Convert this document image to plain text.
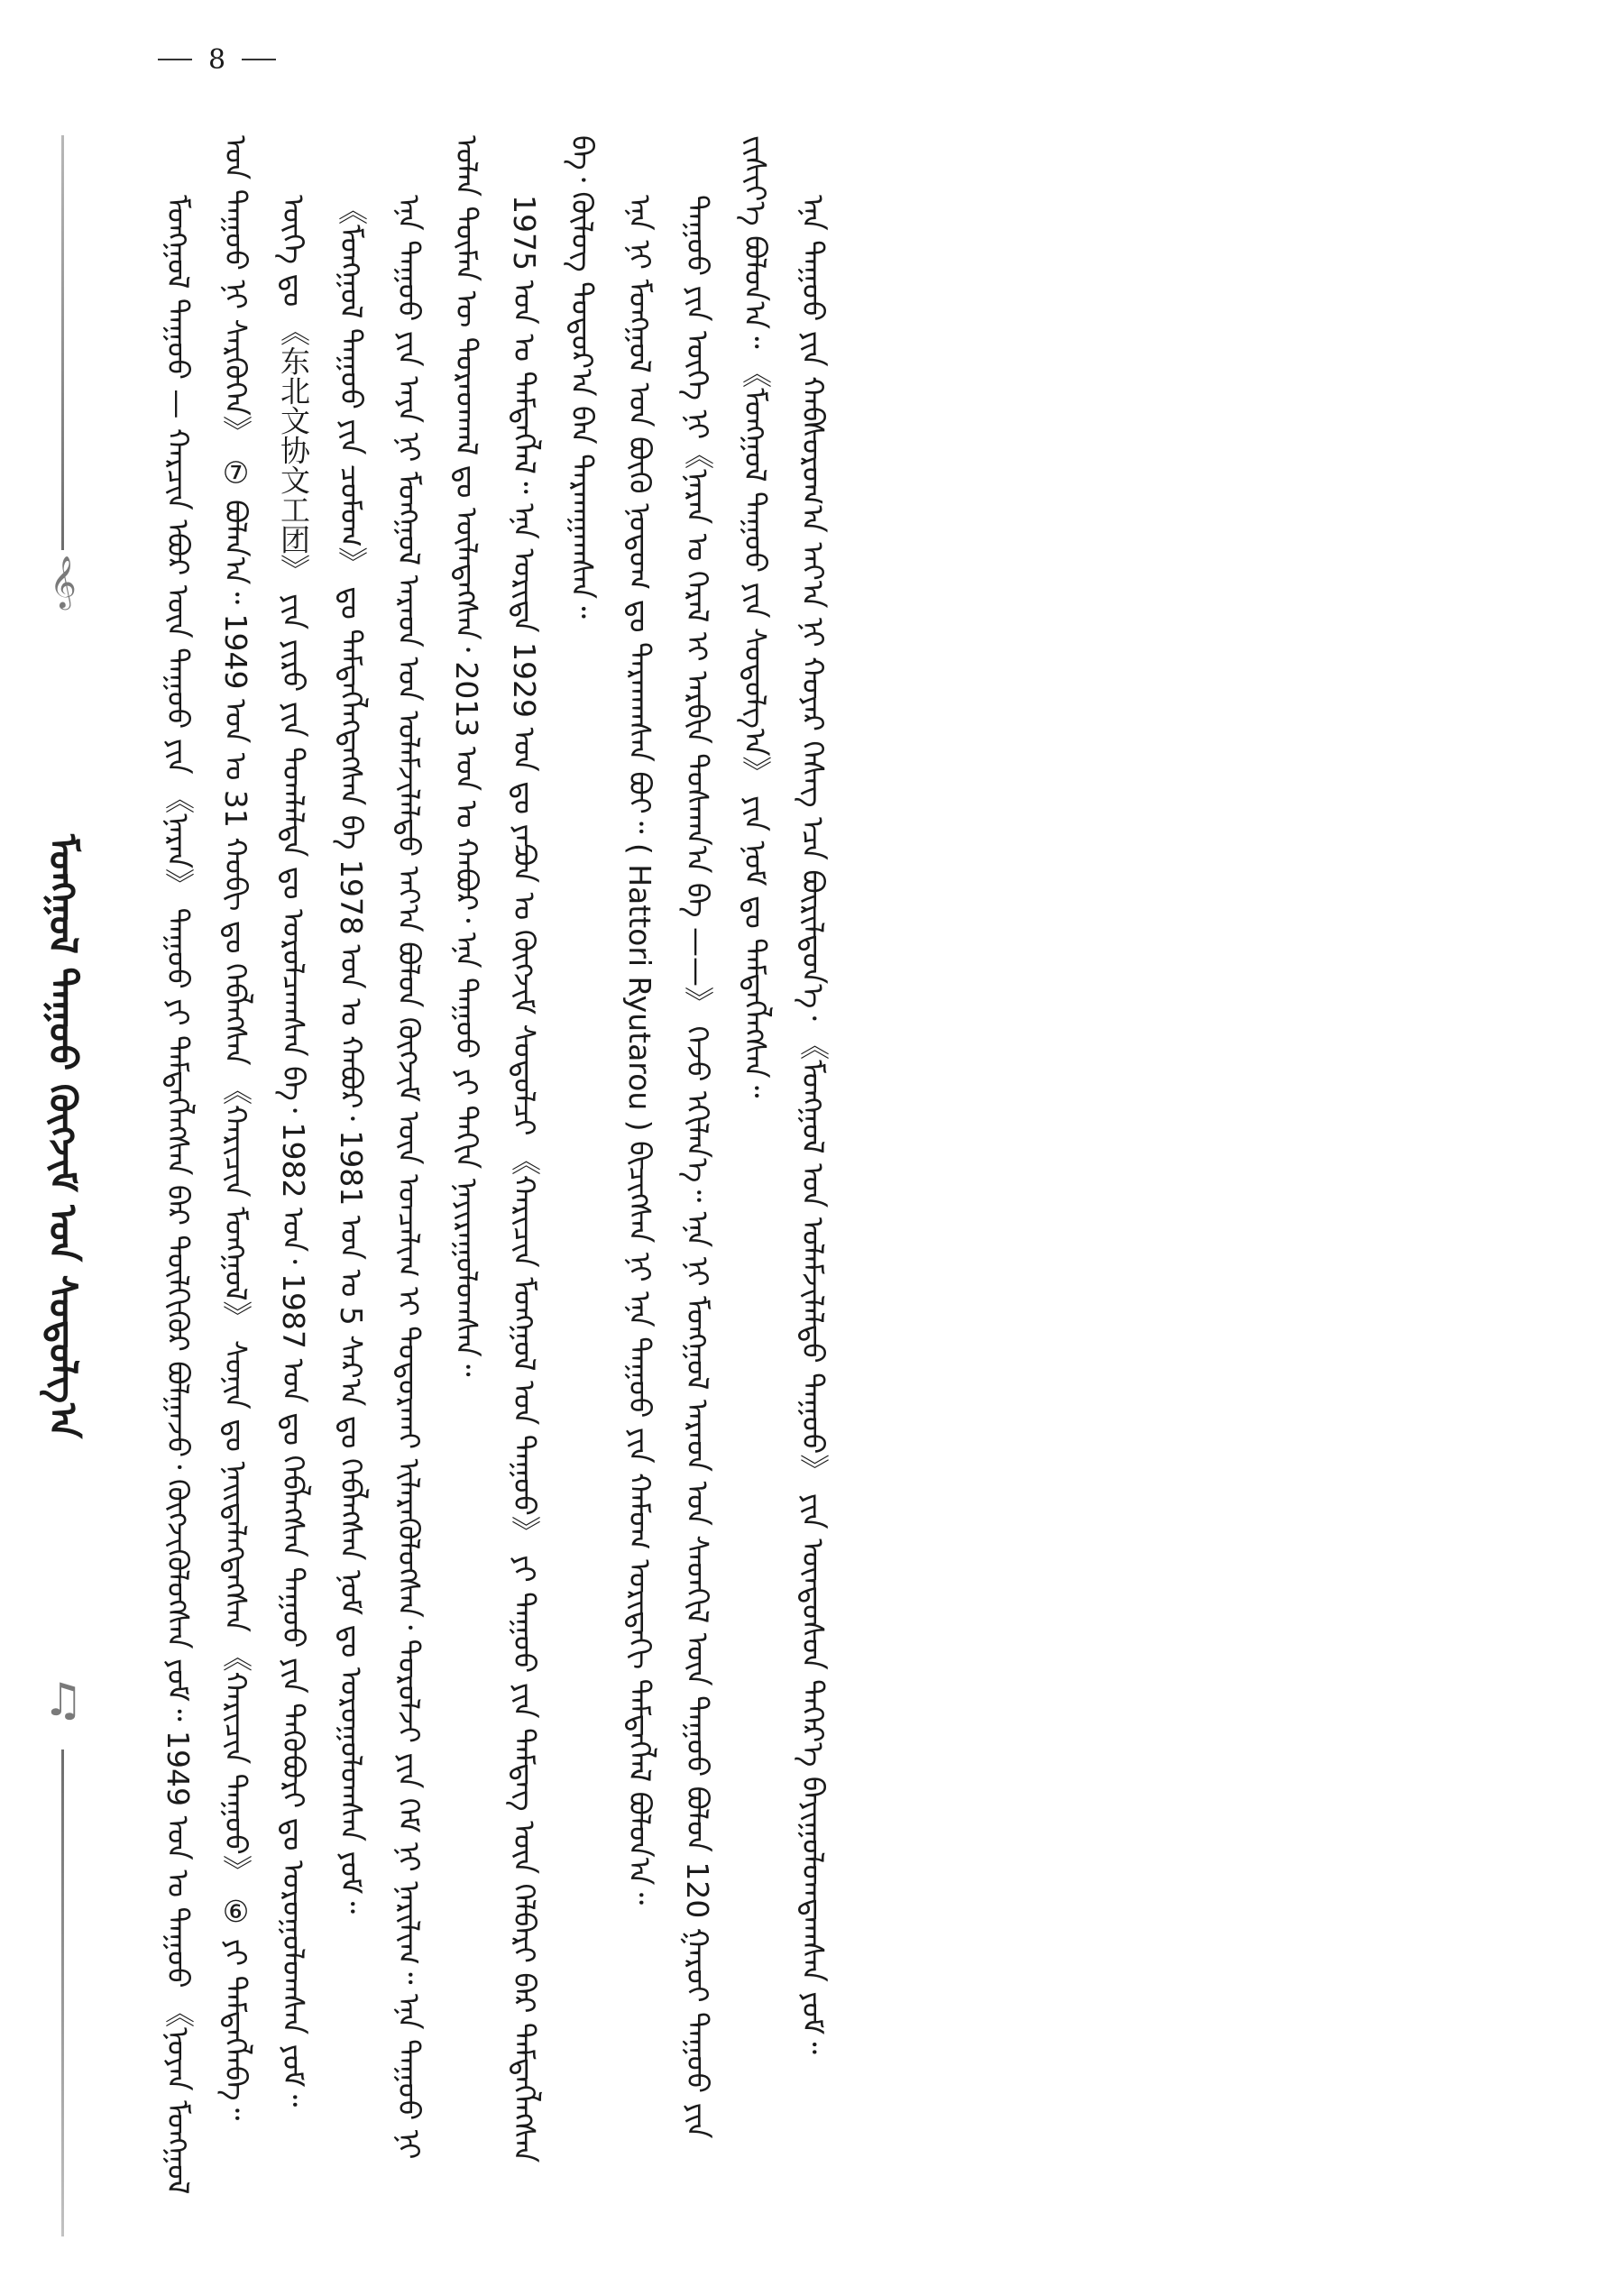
8

ᠮᠣᠩᠭᠣᠯ ᠳᠠᠭᠤᠤ — ᠬᠠᠷᠴᠢᠨ ᠡᠪᠦᠷ ᠦᠨ ᠳᠠᠭᠤᠤ ᠶᠢᠨ 《ᠨᠠᠷᠠᠨ》 ᠳᠠᠭᠤᠤ ᠶᠢ ᠲᠡᠮᠳᠡᠭᠯᠡᠭᠰᠡᠨ ᠪᠠᠷ ᠲᠦᠯᠬᠢᠭᠦᠷ ᠪᠣᠯᠭᠠᠵᠤ᠂ ᠬᠦᠭᠵᠢᠭᠦᠯᠦᠭᠰᠡᠨ ᠶᠤᠮ᠃ 1949 ᠣᠨ ᠤ ᠲᠠᠭᠤᠤ 《ᠨᠣᠶᠠᠨ ᠮᠣᠩᠭᠣᠯ ᠤᠨ ᠳᠠᠭᠤᠤ ᠨᠢ ᠰᠡᠷᠭᠦᠭᠡᠨ》 ⑦ ᠪᠣᠯᠠᠨ᠎ᠠ᠃ 1949 ᠣᠨ ᠤ 31 ᠬᠣᠪᠢ ᠳᠤ ᠬᠡᠪᠯᠡᠭᠰᠡᠨ 《ᠬᠠᠷᠢᠴᠢᠨ ᠮᠣᠩᠭᠣᠯ》 ᠰᠣᠨᠢᠨ ᠳᠤ ᠨᠡᠢᠲᠡᠯᠡᠭᠳᠡᠭᠰᠡᠨ 《ᠬᠠᠷᠢᠴᠢᠨ ᠳᠠᠭᠤᠤ》 ⑥ ᠶᠢ ᠲᠡᠮᠳᠡᠭᠯᠡᠪᠡ᠃ ᠦᠭᠡ ᠳᠤ 《东北文协文工团》 ᠶᠢᠨ ᠶᠢᠷᠦ ᠶᠢᠨ ᠲᠣᠭᠯᠠᠯᠲᠠ ᠳᠤ ᠣᠷᠣᠯᠴᠠᠭᠰᠠᠨ ᠪᠠ᠂ 1982 ᠣᠨ᠂ 1987 ᠣᠨ ᠳᠤ ᠬᠡᠪᠯᠡᠭᠰᠡᠨ ᠳᠠᠭᠤᠤ ᠶᠢᠨ ᠲᠡᠭᠦᠪᠦᠷᠢ ᠳᠤ ᠣᠷᠣᠭᠤᠯᠤᠭᠰᠠᠨ ᠶᠤᠮ᠃ 《ᠮᠣᠩᠭᠣᠯ ᠳᠠᠭᠤᠤ ᠶᠢᠨ ᠴᠣᠮᠣᠭ》 ᠳᠤ ᠲᠡᠮᠳᠡᠭᠯᠡᠭᠳᠡᠭᠰᠡᠨ ᠪᠠ 1978 ᠣᠨ ᠤ ᠬᠠᠪᠤᠷ᠂ 1981 ᠣᠨ ᠤ 5 ᠰᠠᠷ᠎ᠠ ᠳᠤ ᠬᠡᠪᠯᠡᠭᠰᠡᠨ ᠨᠣᠮ ᠳᠤ ᠣᠷᠣᠭᠤᠯᠤᠭᠰᠠᠨ ᠶᠤᠮ᠃ ᠡᠨᠡ ᠳᠠᠭᠤᠤ ᠶᠢᠨ ᠠᠶᠠ ᠨᠢ ᠮᠣᠩᠭᠣᠯ ᠠᠷᠠᠳ ᠤᠨ ᠤᠯᠠᠮᠵᠢᠯᠠᠯᠲᠤ ᠠᠶ᠎ᠠ ᠪᠣᠯᠤᠨ ᠬᠦᠭᠵᠢᠮ ᠦᠨ ᠣᠨᠴᠠᠯᠢᠭ ᠢ ᠲᠣᠳᠣᠷᠬᠠᠢ ᠢᠯᠡᠷᠡᠭᠦᠯᠦᠭᠰᠡᠨ᠂ ᠳᠣᠷᠣᠯᠵᠢ ᠶᠢᠨ ᠬᠡᠮ ᠨᠢ ᠨᠠᠷᠢᠯᠢᠭ᠃ ᠡᠨᠡ ᠳᠠᠭᠤᠤ ᠨᠢ ᠣᠯᠠᠨ ᠲᠦᠮᠡᠨ ᠦ ᠳᠤᠷᠠᠳᠬᠠᠯ ᠳᠤ ᠦᠯᠡᠳᠡᠭᠰᠡᠨ᠂ 2013 ᠣᠨ ᠤ ᠬᠠᠪᠤᠷ᠂ ᠡᠨᠡ ᠳᠠᠭᠤᠤ ᠶᠢ ᠳᠠᠬᠢᠨ ᠨᠠᠶᠢᠷᠠᠭᠤᠯᠤᠭᠰᠠᠨ᠃ 1975 ᠣᠨ ᠤ ᠲᠡᠮᠳᠡᠭᠯᠡᠯ᠃ ᠡᠨᠡ ᠤᠷᠢᠳᠠ 1929 ᠣᠨ ᠳᠤ ᠶᠠᠫᠣᠨ ᠤ ᠬᠦᠭᠵᠢᠮ ᠰᠤᠳᠤᠯᠴᠢ 《ᠬᠠᠷᠢᠴᠢᠨ ᠮᠣᠩᠭᠣᠯ ᠤᠨ ᠳᠠᠭᠤᠤ》 ᠶᠢ ᠳᠠᠭᠤᠤ ᠶᠢᠨ ᠲᠡᠮᠳᠡᠭ ᠦᠨ ᠬᠡᠯᠪᠡᠷᠢ ᠪᠡᠷ ᠲᠡᠮᠳᠡᠭᠯᠡᠭᠰᠡᠨ ᠪᠠ᠂ ᠬᠦᠯᠦᠭ ᠳᠣᠲᠣᠷ᠎ᠠ ᠪᠠᠨ ᠲᠠᠷᠬᠠᠭᠠᠭᠰᠠᠨ᠃ ᠡᠨᠡ ᠨᠢ ᠮᠣᠩᠭᠣᠯ ᠤᠨ ᠪᠦᠬᠦ ᠨᠤᠲᠤᠭ ᠳᠤ ᠲᠠᠷᠬᠠᠭᠰᠠᠨ ᠪᠤᠢ᠃ ( Hattori Ryutarou ) ᠪᠢᠴᠢᠭᠰᠡᠨ ᠨᠢ ᠡᠨᠡ ᠳᠠᠭᠤᠤ ᠶᠢᠨ ᠬᠠᠮᠤᠭ ᠤᠷᠢᠳᠠᠬᠢ ᠲᠡᠮᠳᠡᠭᠯᠡᠯ ᠪᠣᠯᠤᠨ᠎ᠠ᠃ ᠳᠠᠭᠤᠤ ᠶᠢᠨ ᠦᠭᠡ ᠨᠢ《ᠨᠠᠷᠠᠨ ᠤ ᠭᠡᠷᠡᠯ ᠢ ᠠᠷᠪᠢᠨ ᠲᠤᠰᠬᠠᠨ᠎ᠠ ᠪᠡ ——》 ᠭᠡᠵᠦ ᠡᠬᠢᠯᠡᠨ᠎ᠡ᠃ ᠡᠨᠡ ᠨᠢ ᠮᠣᠩᠭᠣᠯ ᠠᠷᠠᠳ ᠤᠨ ᠰᠡᠳᠬᠢᠯ ᠦᠨ ᠳᠠᠭᠤᠤ ᠪᠣᠯᠤᠨ 120 ᠭᠠᠷᠤᠢ ᠳᠠᠭᠤᠤ ᠶᠢᠨ ᠵᠢᠱᠢᠶ᠎ᠡ ᠪᠣᠯᠤᠨ᠎ᠠ᠃ 《ᠮᠣᠩᠭᠣᠯ ᠳᠠᠭᠤᠤ ᠶᠢᠨ ᠰᠤᠳᠤᠯᠭ᠎ᠠ》 ᠶᠢᠨ ᠨᠣᠮ ᠳᠤ ᠲᠡᠮᠳᠡᠭᠯᠡᠭᠰᠡᠨ᠃ ᠡᠨᠡ ᠳᠠᠭᠤᠤ ᠶᠢᠨ ᠬᠠᠪᠰᠤᠷᠤᠭ᠎ᠠ ᠠᠶ᠎ᠠ ᠨᠢ ᠬᠣᠶᠠᠷ ᠬᠡᠰᠡᠭ ᠡᠴᠡ ᠪᠦᠷᠢᠯᠳᠦᠨ᠎ᠡ᠂ 《ᠮᠣᠩᠭᠣᠯ ᠤᠨ ᠤᠯᠠᠮᠵᠢᠯᠠᠯᠲᠤ ᠳᠠᠭᠤᠤ》 ᠶᠢᠨ ᠦᠨᠳᠦᠰᠦᠨ ᠳᠡᠭᠡᠷ᠎ᠡ ᠪᠠᠶᠢᠭᠤᠯᠤᠭᠳᠠᠭᠰᠠᠨ ᠶᠤᠮ᠃

𝄞
ᠮᠣᠩᠭᠣᠯ ᠳᠠᠭᠤᠤ ᠬᠦᠭᠵᠢᠮ ᠤᠨ ᠰᠤᠳᠤᠯᠭ᠎ᠠ
♫
